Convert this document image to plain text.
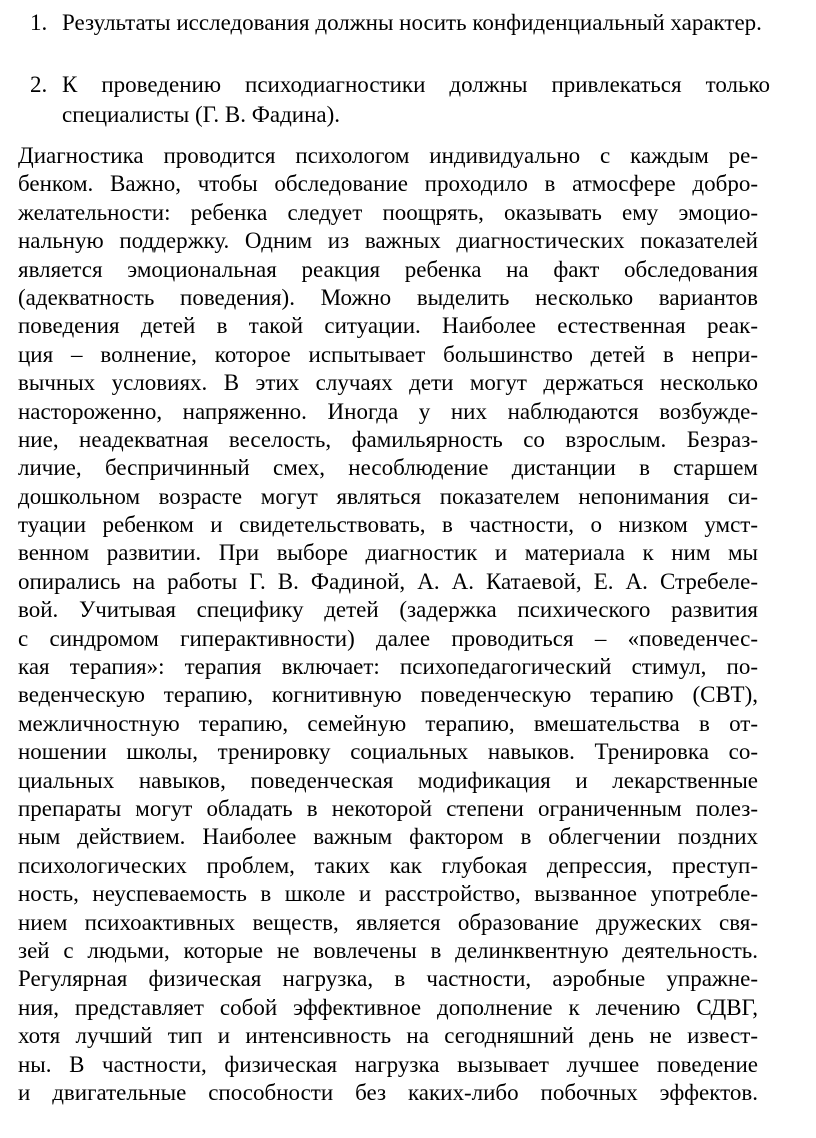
1. Результаты исследования должны носить конфиденциальный характер.
2. К проведению психодиагностики должны привлекаться только специалисты (Г. В. Фадина).
Диагностика проводится психологом индивидуально с каждым ре-
бенком. Важно, чтобы обследование проходило в атмосфере добро-
желательности: ребенка следует поощрять, оказывать ему эмоцио-
нальную поддержку. Одним из важных диагностических показателей
является эмоциональная реакция ребенка на факт обследования
(адекватность поведения). Можно выделить несколько вариантов
поведения детей в такой ситуации. Наиболее естественная реак-
ция – волнение, которое испытывает большинство детей в непри-
вычных условиях. В этих случаях дети могут держаться несколько
настороженно, напряженно. Иногда у них наблюдаются возбужде-
ние, неадекватная веселость, фамильярность со взрослым. Безраз-
личие, беспричинный смех, несоблюдение дистанции в старшем
дошкольном возрасте могут являться показателем непонимания си-
туации ребенком и свидетельствовать, в частности, о низком умст-
венном развитии. При выборе диагностик и материала к ним мы
опирались на работы Г. В. Фадиной, А. А. Катаевой, Е. А. Стребеле-
вой. Учитывая специфику детей (задержка психического развития
с синдромом гиперактивности) далее проводиться – «поведенчес-
кая терапия»: терапия включает: психопедагогический стимул, по-
веденческую терапию, когнитивную поведенческую терапию (СВТ),
межличностную терапию, семейную терапию, вмешательства в от-
ношении школы, тренировку социальных навыков. Тренировка со-
циальных навыков, поведенческая модификация и лекарственные
препараты могут обладать в некоторой степени ограниченным полез-
ным действием. Наиболее важным фактором в облегчении поздних
психологических проблем, таких как глубокая депрессия, преступ-
ность, неуспеваемость в школе и расстройство, вызванное употребле-
нием психоактивных веществ, является образование дружеских свя-
зей с людьми, которые не вовлечены в делинквентную деятельность.
Регулярная физическая нагрузка, в частности, аэробные упражне-
ния, представляет собой эффективное дополнение к лечению СДВГ,
хотя лучший тип и интенсивность на сегодняшний день не извест-
ны. В частности, физическая нагрузка вызывает лучшее поведение
и двигательные способности без каких-либо побочных эффектов.
